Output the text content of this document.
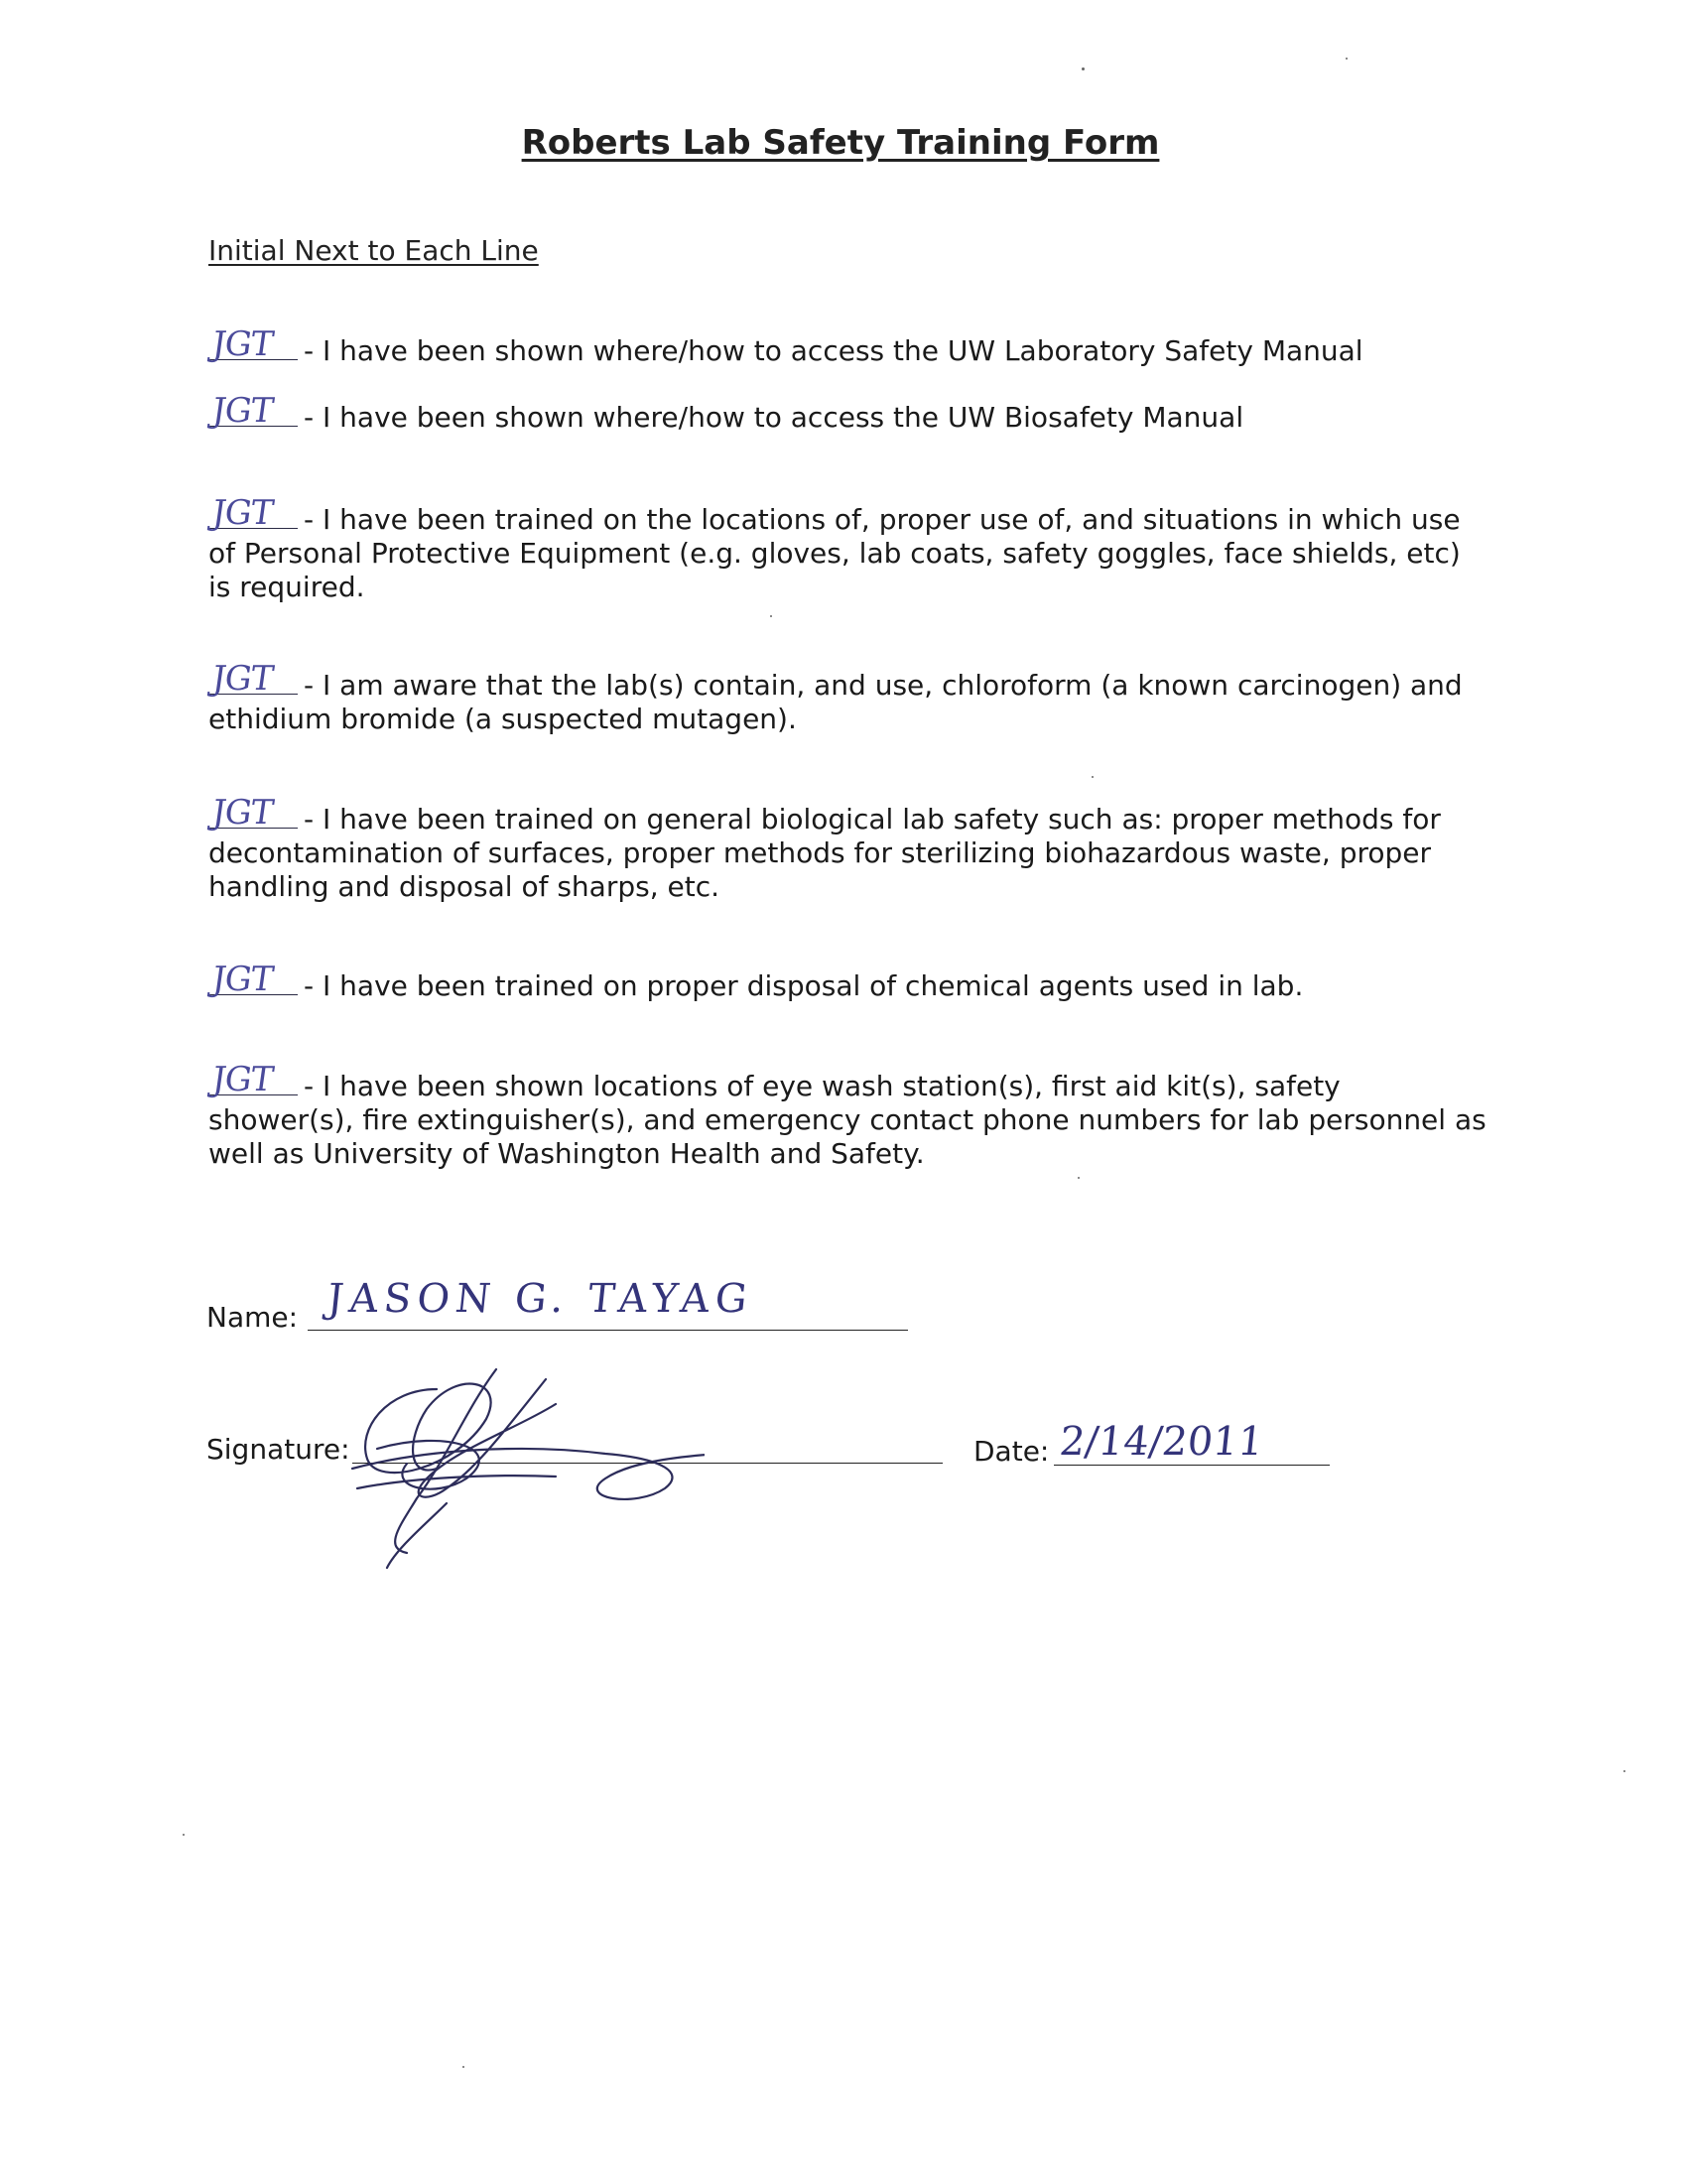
Roberts Lab Safety Training Form
Initial Next to Each Line
JGT - I have been shown where/how to access the UW Laboratory Safety Manual
JGT - I have been shown where/how to access the UW Biosafety Manual
JGT - I have been trained on the locations of, proper use of, and situations in which use of Personal Protective Equipment (e.g. gloves, lab coats, safety goggles, face shields, etc) is required.
JGT - I am aware that the lab(s) contain, and use, chloroform (a known carcinogen) and ethidium bromide (a suspected mutagen).
JGT - I have been trained on general biological lab safety such as: proper methods for decontamination of surfaces, proper methods for sterilizing biohazardous waste, proper handling and disposal of sharps, etc.
JGT - I have been trained on proper disposal of chemical agents used in lab.
JGT - I have been shown locations of eye wash station(s), first aid kit(s), safety shower(s), fire extinguisher(s), and emergency contact phone numbers for lab personnel as well as University of Washington Health and Safety.
Name: JASON G. TAYAG
Signature:	Date: 2/14/2011
